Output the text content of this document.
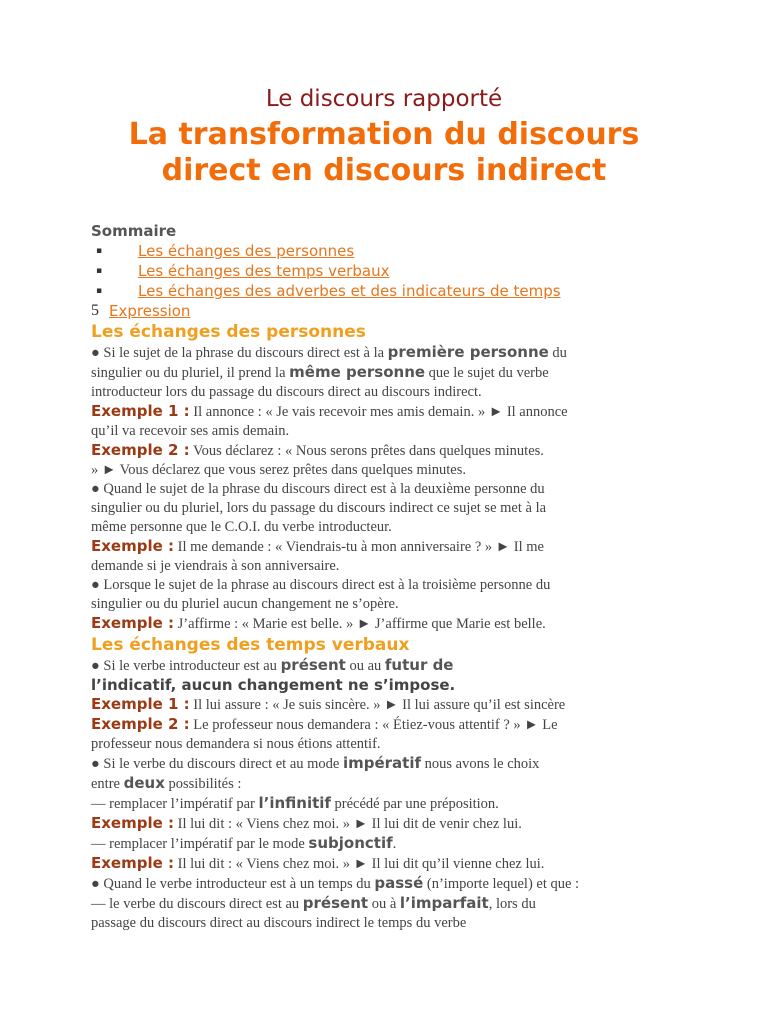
Le discours rapporté
La transformation du discours
direct en discours indirect
Sommaire
▪ Les échanges des personnes
▪ Les échanges des temps verbaux
▪ Les échanges des adverbes et des indicateurs de temps
5 Expression
Les échanges des personnes

● Si le sujet de la phrase du discours direct est à la première personne du

singulier ou du pluriel, il prend la même personne que le sujet du verbe

introducteur lors du passage du discours direct au discours indirect.

Exemple 1 : Il annonce : « Je vais recevoir mes amis demain. » ► Il annonce

qu’il va recevoir ses amis demain.

Exemple 2 : Vous déclarez : « Nous serons prêtes dans quelques minutes.

» ► Vous déclarez que vous serez prêtes dans quelques minutes.

● Quand le sujet de la phrase du discours direct est à la deuxième personne du

singulier ou du pluriel, lors du passage du discours indirect ce sujet se met à la

même personne que le C.O.I. du verbe introducteur.

Exemple : Il me demande : « Viendrais-tu à mon anniversaire ? » ► Il me

demande si je viendrais à son anniversaire.

● Lorsque le sujet de la phrase au discours direct est à la troisième personne du

singulier ou du pluriel aucun changement ne s’opère.

Exemple : J’affirme : « Marie est belle. » ► J’affirme que Marie est belle.

Les échanges des temps verbaux

● Si le verbe introducteur est au présent ou au futur de

l’indicatif, aucun changement ne s’impose.

Exemple 1 : Il lui assure : « Je suis sincère. » ► Il lui assure qu’il est sincère

Exemple 2 : Le professeur nous demandera : « Étiez-vous attentif ? » ► Le

professeur nous demandera si nous étions attentif.

● Si le verbe du discours direct et au mode impératif nous avons le choix

entre deux possibilités :

— remplacer l’impératif par l’infinitif précédé par une préposition.

Exemple : Il lui dit : « Viens chez moi. » ► Il lui dit de venir chez lui.

— remplacer l’impératif par le mode subjonctif.

Exemple : Il lui dit : « Viens chez moi. » ► Il lui dit qu’il vienne chez lui.

● Quand le verbe introducteur est à un temps du passé (n’importe lequel) et que :

— le verbe du discours direct est au présent ou à l’imparfait, lors du

passage du discours direct au discours indirect le temps du verbe
